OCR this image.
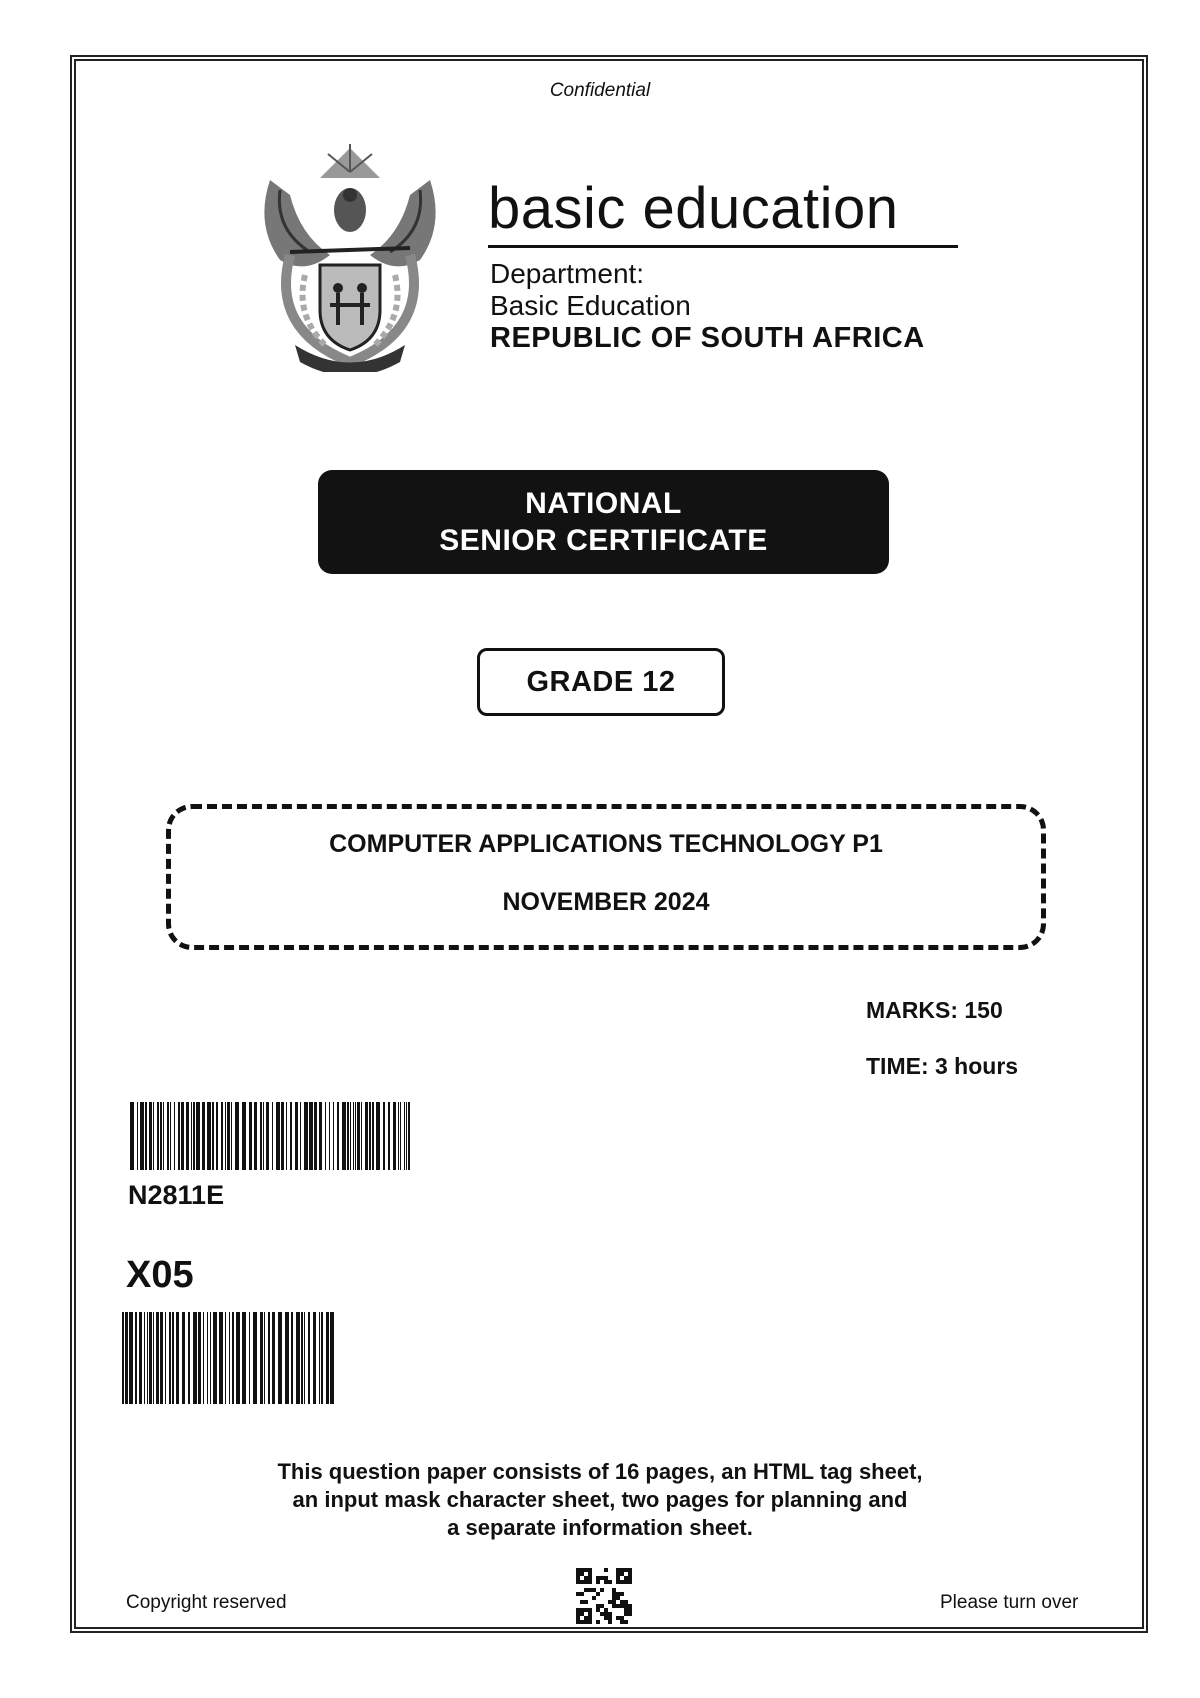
Confidential
basic education
Department:
Basic Education
REPUBLIC OF SOUTH AFRICA
NATIONAL
SENIOR CERTIFICATE
GRADE 12
COMPUTER APPLICATIONS TECHNOLOGY P1
NOVEMBER 2024
MARKS: 150
TIME: 3 hours
N2811E
X05
This question paper consists of 16 pages, an HTML tag sheet,
an input mask character sheet, two pages for planning and
a separate information sheet.
Copyright reserved	Please turn over
